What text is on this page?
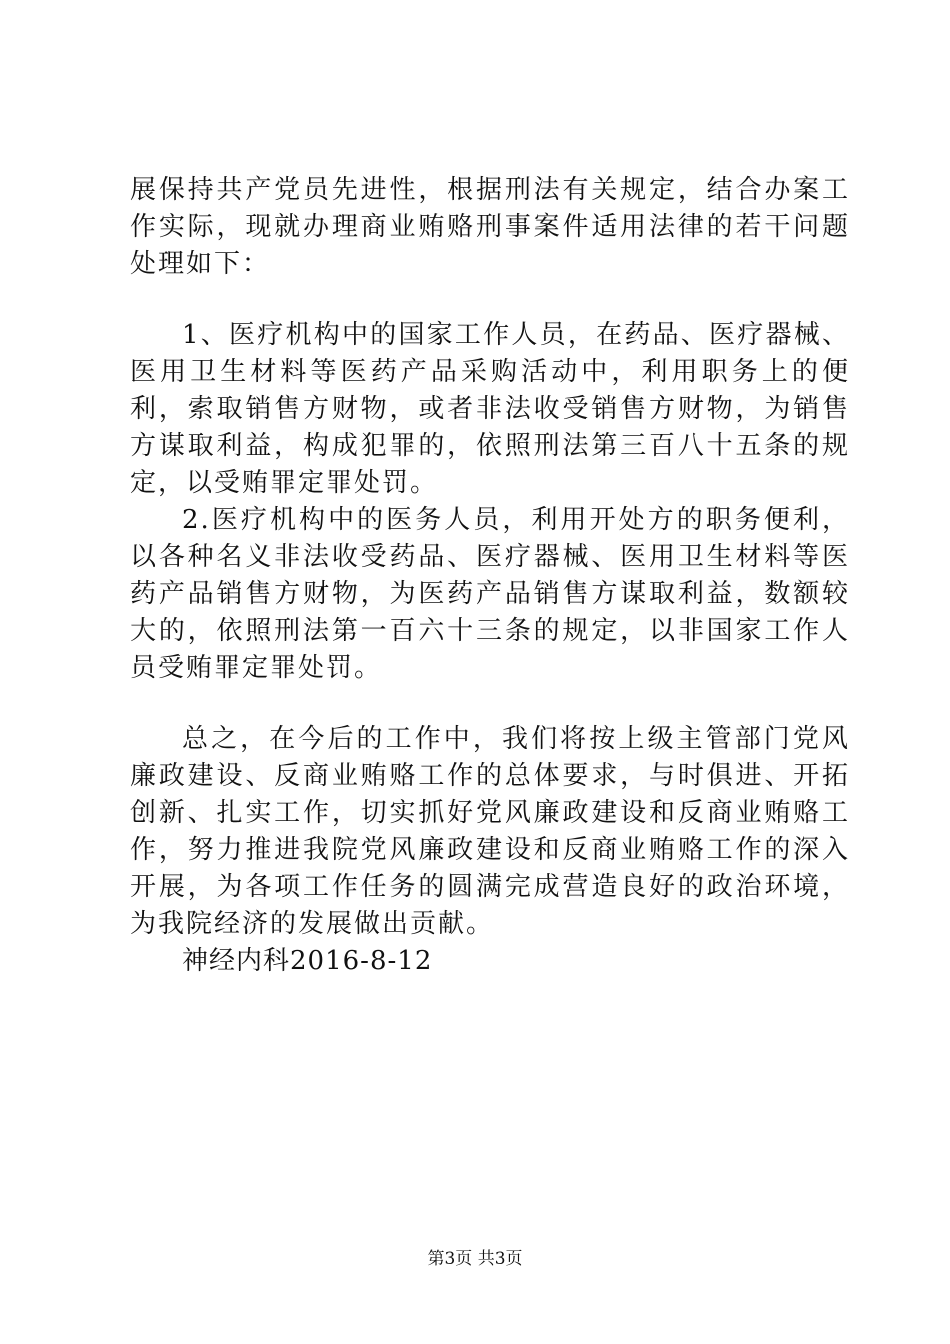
展保持共产党员先进性，根据刑法有关规定，结合办案工作实际，现就办理商业贿赂刑事案件适用法律的若干问题处理如下：

1、医疗机构中的国家工作人员，在药品、医疗器械、医用卫生材料等医药产品采购活动中，利用职务上的便利，索取销售方财物，或者非法收受销售方财物，为销售方谋取利益，构成犯罪的，依照刑法第三百八十五条的规定，以受贿罪定罪处罚。

2.医疗机构中的医务人员，利用开处方的职务便利，以各种名义非法收受药品、医疗器械、医用卫生材料等医药产品销售方财物，为医药产品销售方谋取利益，数额较大的，依照刑法第一百六十三条的规定，以非国家工作人员受贿罪定罪处罚。

总之，在今后的工作中，我们将按上级主管部门党风廉政建设、反商业贿赂工作的总体要求，与时俱进、开拓创新、扎实工作，切实抓好党风廉政建设和反商业贿赂工作，努力推进我院党风廉政建设和反商业贿赂工作的深入开展，为各项工作任务的圆满完成营造良好的政治环境，为我院经济的发展做出贡献。

神经内科2016-8-12

第3页 共3页
